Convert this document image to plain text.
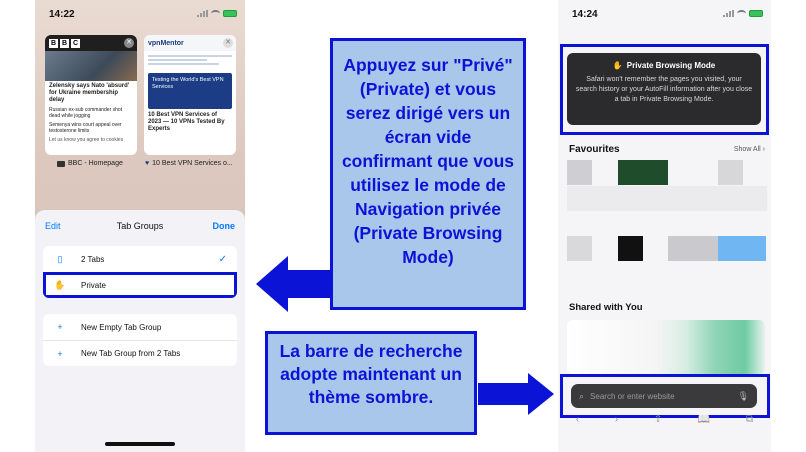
14:22
B B C	✕
Zelensky says Nato 'absurd' for Ukraine membership delay
Russian ex-sub commander shot dead while jogging
Semenya wins court appeal over testosterone limits
Let us know you agree to cookies
vpnMentor	✕
Testing the World's Best VPN Services
10 Best VPN Services of 2023 — 10 VPNs Tested By Experts
BBC - Homepage	♥ 10 Best VPN Services o...
Tab Groups
Edit	Done
▯	2 Tabs	✓
✋ Private
+	New Empty Tab Group
+	New Tab Group from 2 Tabs
Appuyez sur "Privé" (Private) et vous serez dirigé vers un écran vide confirmant que vous utilisez le mode de Navigation privée (Private Browsing Mode)
La barre de recherche adopte maintenant un thème sombre.
14:24
✋ Private Browsing Mode
Safari won't remember the pages you visited, your search history or your AutoFill information after you close a tab in Private Browsing Mode.
Favourites	Show All ›
Shared with You
⌕
Search or enter website	🎙
‹	›	⇪	📖	⧉
